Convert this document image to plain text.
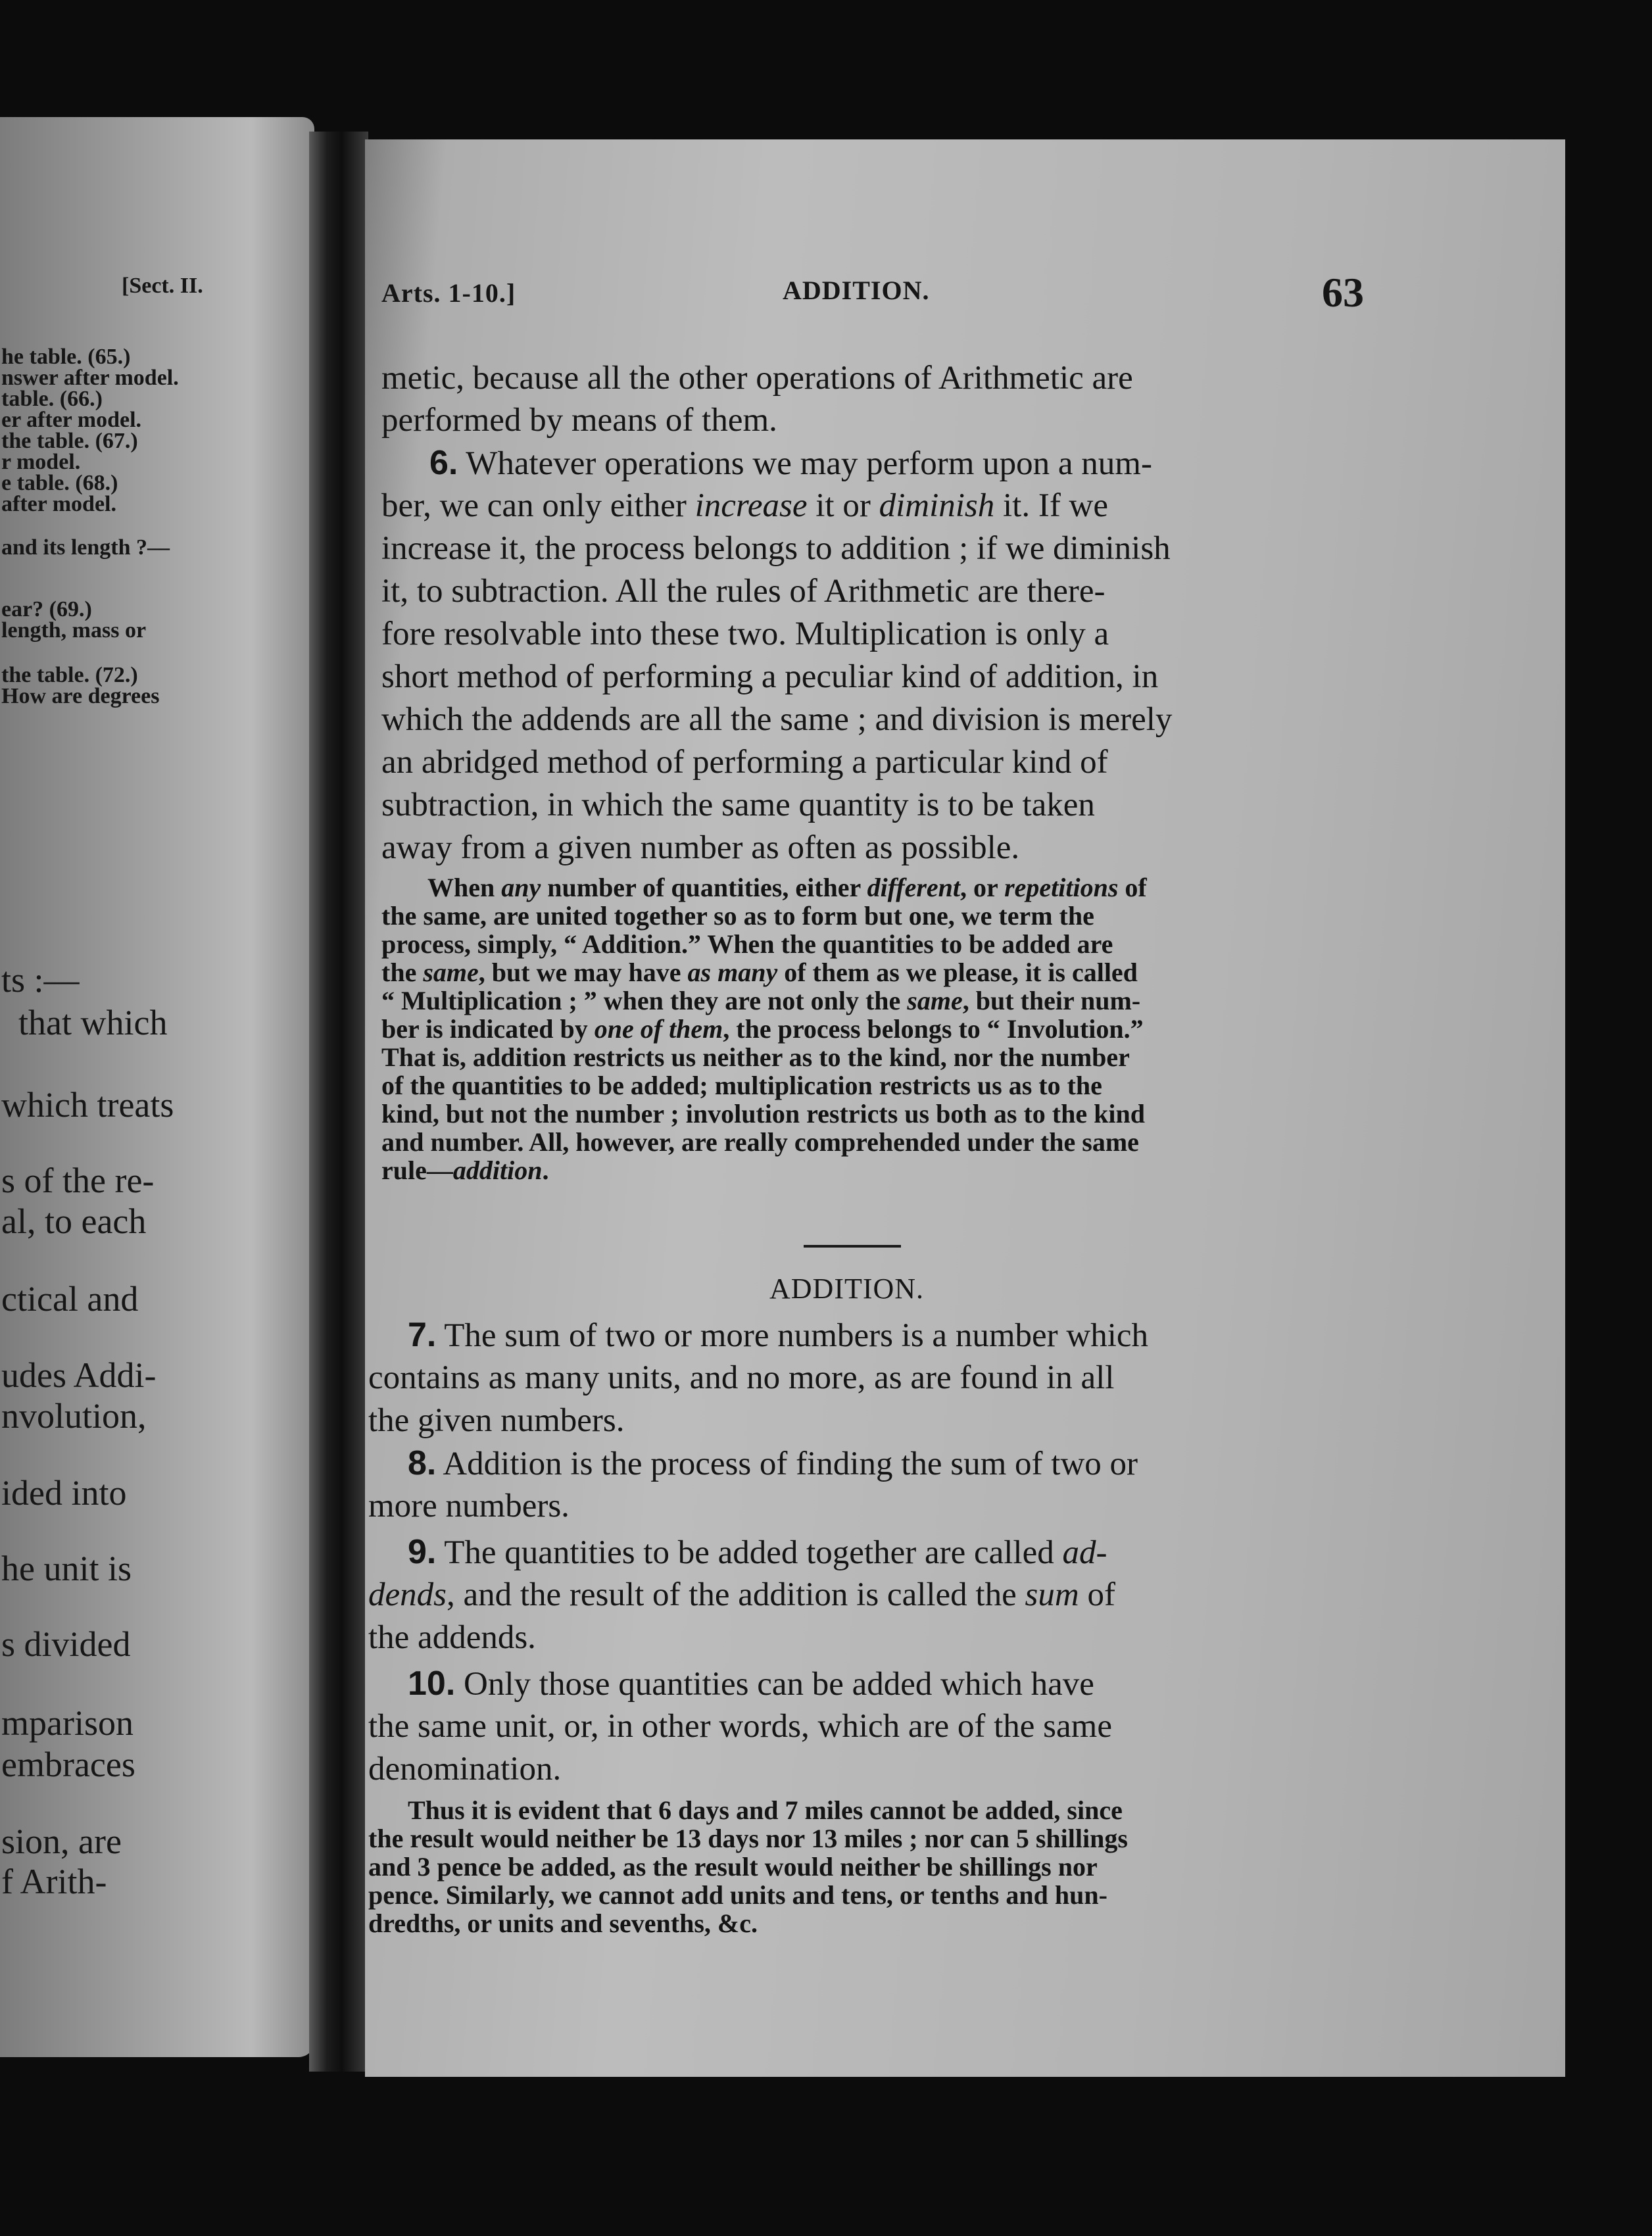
[Sect. II.
he table. (65.)
nswer after model.
table. (66.)
er after model.
the table. (67.)
r model.
e table. (68.)
after model.
and its length ?—
ear? (69.)
length, mass or
the table. (72.)
How are degrees
ts :—
that which
which treats
s of the re-
al, to each
ctical and
udes Addi-
nvolution,
ided into
he unit is
s divided
mparison
embraces
sion, are
f Arith-
Arts. 1-10.]	ADDITION.	63
metic, because all the other operations of Arithmetic are
performed by means of them.
6. Whatever operations we may perform upon a num-
ber, we can only either increase it or diminish it. If we
increase it, the process belongs to addition ; if we diminish
it, to subtraction. All the rules of Arithmetic are there-
fore resolvable into these two. Multiplication is only a
short method of performing a peculiar kind of addition, in
which the addends are all the same ; and division is merely
an abridged method of performing a particular kind of
subtraction, in which the same quantity is to be taken
away from a given number as often as possible.
When any number of quantities, either different, or repetitions of
the same, are united together so as to form but one, we term the
process, simply, “ Addition.” When the quantities to be added are
the same, but we may have as many of them as we please, it is called
“ Multiplication ; ” when they are not only the same, but their num-
ber is indicated by one of them, the process belongs to “ Involution.”
That is, addition restricts us neither as to the kind, nor the number
of the quantities to be added; multiplication restricts us as to the
kind, but not the number ; involution restricts us both as to the kind
and number. All, however, are really comprehended under the same
rule—addition.
ADDITION.
7. The sum of two or more numbers is a number which
contains as many units, and no more, as are found in all
the given numbers.
8. Addition is the process of finding the sum of two or
more numbers.
9. The quantities to be added together are called ad-
dends, and the result of the addition is called the sum of
the addends.
10. Only those quantities can be added which have
the same unit, or, in other words, which are of the same
denomination.
Thus it is evident that 6 days and 7 miles cannot be added, since
the result would neither be 13 days nor 13 miles ; nor can 5 shillings
and 3 pence be added, as the result would neither be shillings nor
pence. Similarly, we cannot add units and tens, or tenths and hun-
dredths, or units and sevenths, &c.
